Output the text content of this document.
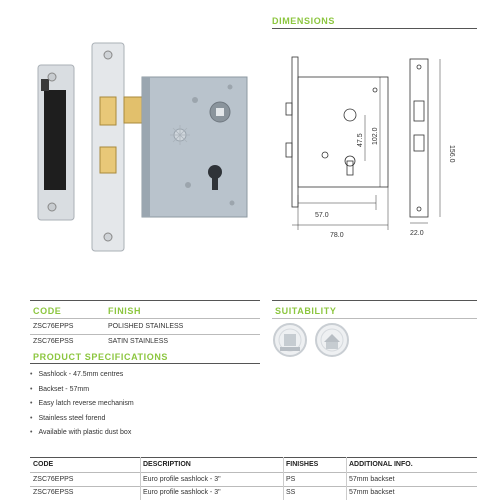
DIMENSIONS
47.5 102.0
57.0
78.0
156.0
22.0
CODE	FINISH
ZSC76EPPS	POLISHED STAINLESS
ZSC76EPSS	SATIN STAINLESS
SUITABILITY
PRODUCT SPECIFICATIONS
• Sashlock - 47.5mm centres
• Backset - 57mm
• Easy latch reverse mechanism
• Stainless steel forend
• Available with plastic dust box
CODE	DESCRIPTION	FINISHES	ADDITIONAL INFO.
ZSC76EPPS	Euro profile sashlock - 3"	PS	57mm backset
ZSC76EPSS	Euro profile sashlock - 3"	SS	57mm backset
